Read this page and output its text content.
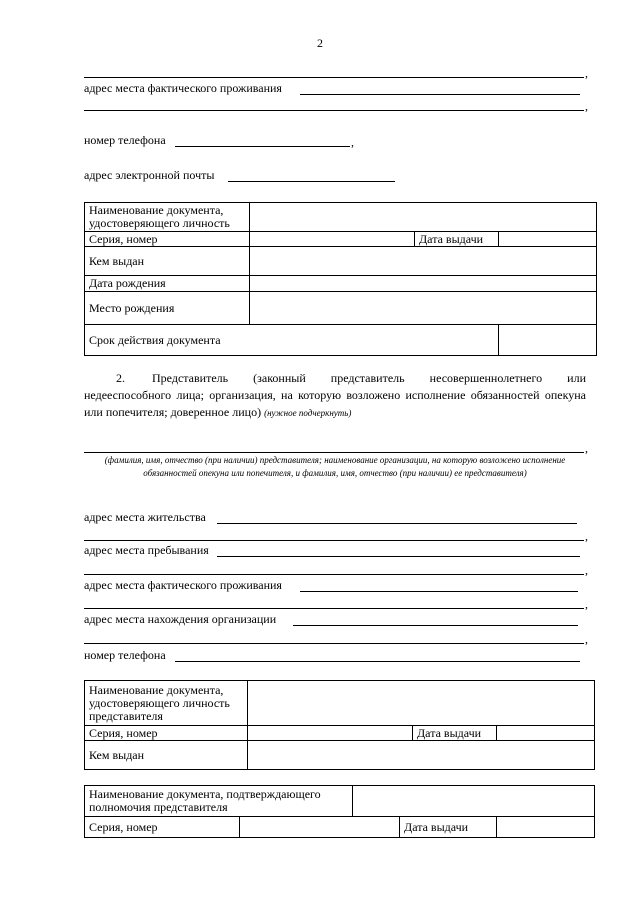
2
,
адрес места фактического проживания
,
номер телефона	,
адрес электронной почты
Наименование документа, удостоверяющего личность			
Серия, номер		Дата выдачи	
Кем выдан			
Дата рождения			
Место рождения			
Срок действия документа			
2. Представитель (законный представитель несовершеннолетнего или недееспособного лица; организация, на которую возложено исполнение обязанностей опекуна или попечителя; доверенное лицо) (нужное подчеркнуть)
,
(фамилия, имя, отчество (при наличии) представителя; наименование организации, на которую возложено исполнение обязанностей опекуна или попечителя, и фамилия, имя, отчество (при наличии) ее представителя)
адрес места жительства
,
адрес места пребывания
,
адрес места фактического проживания
,
адрес места нахождения организации
,
номер телефона
Наименование документа, удостоверяющего личность представителя			
Серия, номер		Дата выдачи	
Кем выдан			
Наименование документа, подтверждающего полномочия представителя			
Серия, номер	Дата выдачи		
